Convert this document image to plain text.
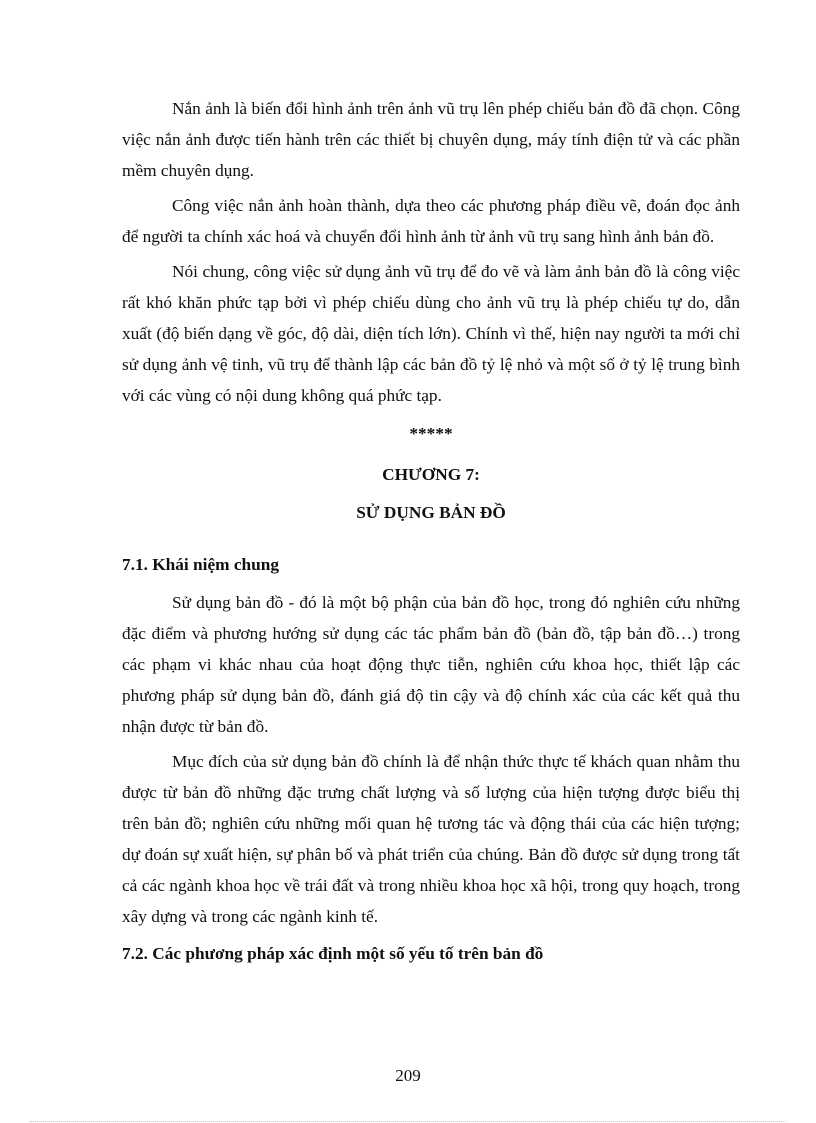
Nắn ảnh là biến đổi hình ảnh trên ảnh vũ trụ lên phép chiếu bản đồ đã chọn. Công việc nắn ảnh được tiến hành trên các thiết bị chuyên dụng, máy tính điện tử và các phần mềm chuyên dụng.

Công việc nắn ảnh hoàn thành, dựa theo các phương pháp điều vẽ, đoán đọc ảnh để người ta chính xác hoá và chuyển đổi hình ảnh từ ảnh vũ trụ sang hình ảnh bản đồ.

Nói chung, công việc sử dụng ảnh vũ trụ để đo vẽ và làm ảnh bản đồ là công việc rất khó khăn phức tạp bởi vì phép chiếu dùng cho ảnh vũ trụ là phép chiếu tự do, dẫn xuất (độ biến dạng về góc, độ dài, diện tích lớn). Chính vì thế, hiện nay người ta mới chỉ sử dụng ảnh vệ tinh, vũ trụ để thành lập các bản đồ tỷ lệ nhỏ và một số ở tỷ lệ trung bình với các vùng có nội dung không quá phức tạp.

*****
CHƯƠNG 7:
SỬ DỤNG BẢN ĐỒ
7.1. Khái niệm chung

Sử dụng bản đồ - đó là một bộ phận của bản đồ học, trong đó nghiên cứu những đặc điểm và phương hướng sử dụng các tác phẩm bản đồ (bản đồ, tập bản đồ…) trong các phạm vi khác nhau của hoạt động thực tiễn, nghiên cứu khoa học, thiết lập các phương pháp sử dụng bản đồ, đánh giá độ tin cậy và độ chính xác của các kết quả thu nhận được từ bản đồ.

Mục đích của sử dụng bản đồ chính là để nhận thức thực tế khách quan nhằm thu được từ bản đồ những đặc trưng chất lượng và số lượng của hiện tượng được biểu thị trên bản đồ; nghiên cứu những mối quan hệ tương tác và động thái của các hiện tượng; dự đoán sự xuất hiện, sự phân bố và phát triển của chúng. Bản đồ được sử dụng trong tất cả các ngành khoa học về trái đất và trong nhiều khoa học xã hội, trong quy hoạch, trong xây dựng và trong các ngành kinh tế.

7.2. Các phương pháp xác định một số yếu tố trên bản đồ
209
